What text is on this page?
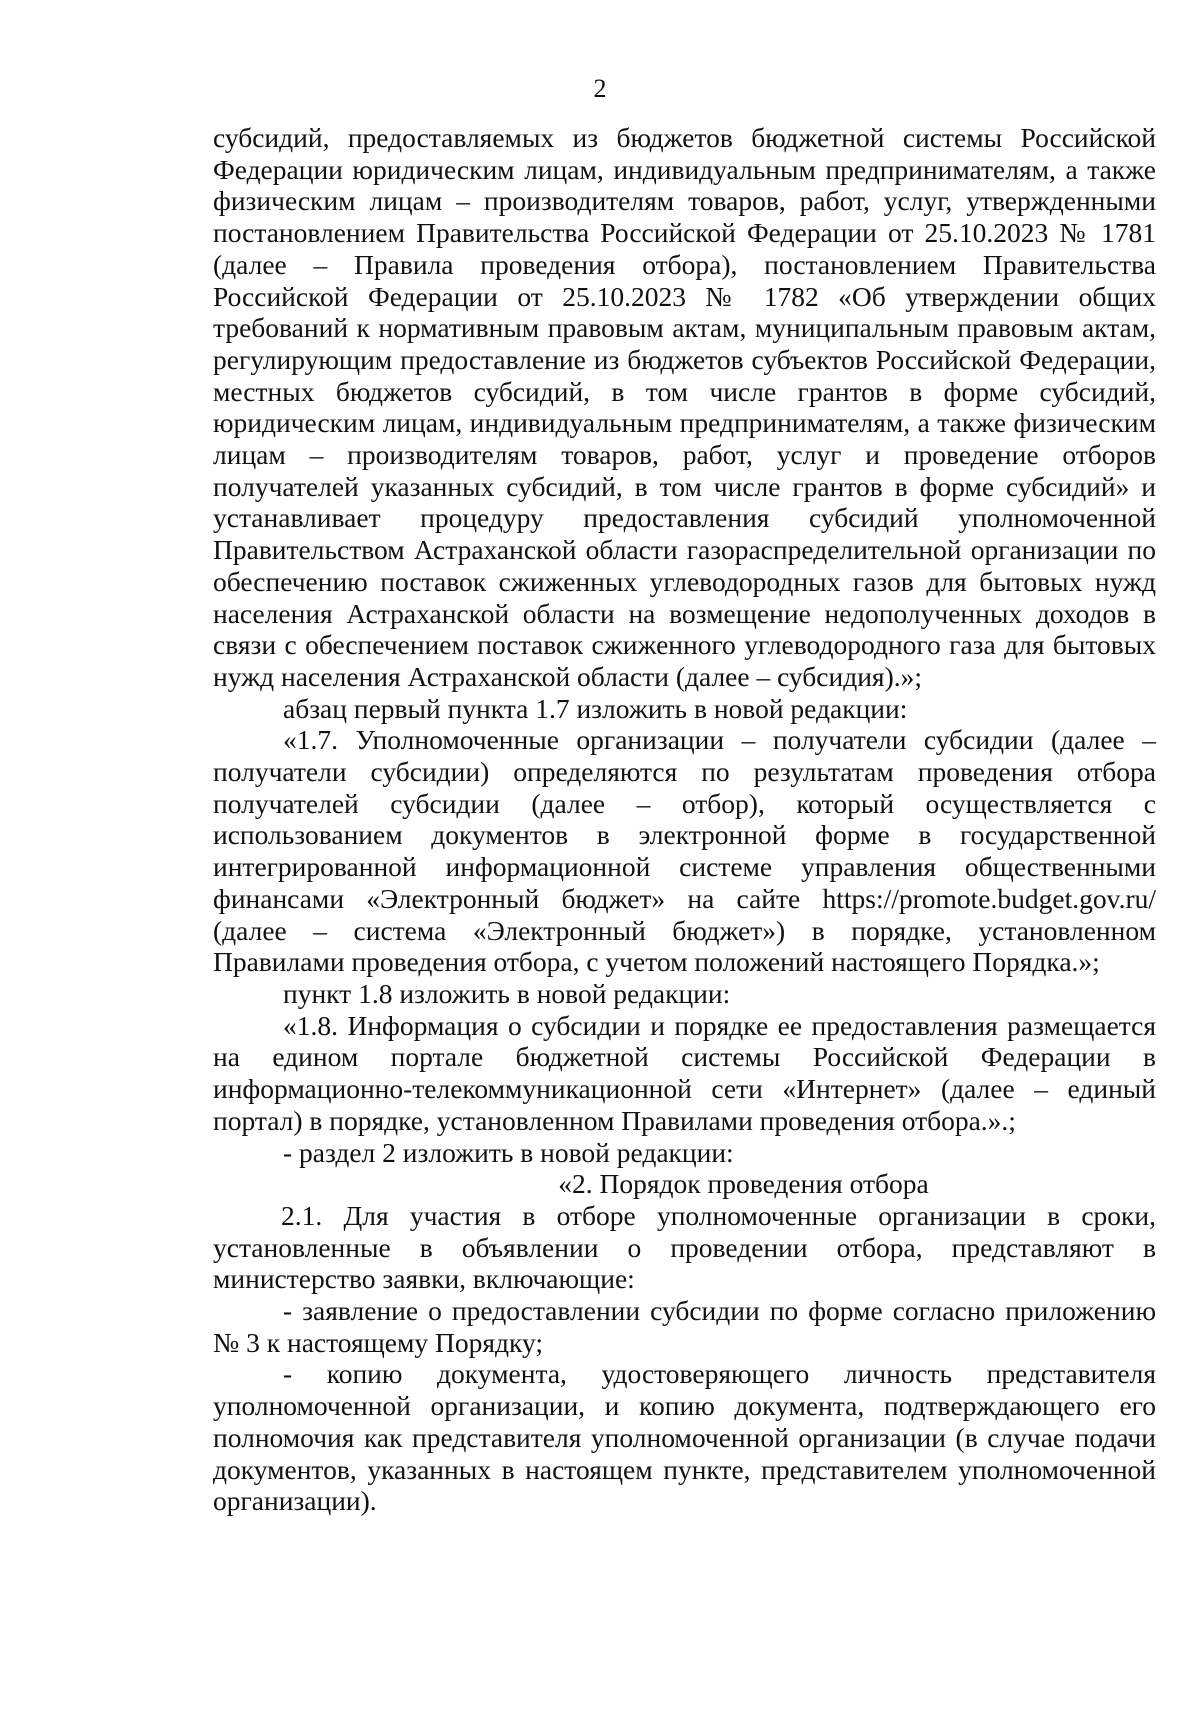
2

субсидий, предоставляемых из бюджетов бюджетной системы Российской Федерации юридическим лицам, индивидуальным предпринимателям, а также физическим лицам – производителям товаров, работ, услуг, утвержденными постановлением Правительства Российской Федерации от 25.10.2023 № 1781 (далее – Правила проведения отбора), постановлением Правительства Российской Федерации от 25.10.2023 № 1782 «Об утверждении общих требований к нормативным правовым актам, муниципальным правовым актам, регулирующим предоставление из бюджетов субъектов Российской Федерации, местных бюджетов субсидий, в том числе грантов в форме субсидий, юридическим лицам, индивидуальным предпринимателям, а также физическим лицам – производителям товаров, работ, услуг и проведение отборов получателей указанных субсидий, в том числе грантов в форме субсидий» и устанавливает процедуру предоставления субсидий уполномоченной Правительством Астраханской области газораспределительной организации по обеспечению поставок сжиженных углеводородных газов для бытовых нужд населения Астраханской области на возмещение недополученных доходов в связи с обеспечением поставок сжиженного углеводородного газа для бытовых нужд населения Астраханской области (далее – субсидия).»;

абзац первый пункта 1.7 изложить в новой редакции:

«1.7. Уполномоченные организации – получатели субсидии (далее – получатели субсидии) определяются по результатам проведения отбора получателей субсидии (далее – отбор), который осуществляется с использованием документов в электронной форме в государственной интегрированной информационной системе управления общественными финансами «Электронный бюджет» на сайте https://promote.budget.gov.ru/ (далее – система «Электронный бюджет») в порядке, установленном Правилами проведения отбора, с учетом положений настоящего Порядка.»;

пункт 1.8 изложить в новой редакции:

«1.8. Информация о субсидии и порядке ее предоставления размещается на едином портале бюджетной системы Российской Федерации в информационно-телекоммуникационной сети «Интернет» (далее – единый портал) в порядке, установленном Правилами проведения отбора.».;

- раздел 2 изложить в новой редакции:

«2. Порядок проведения отбора

2.1. Для участия в отборе уполномоченные организации в сроки, установленные в объявлении о проведении отбора, представляют в министерство заявки, включающие:

- заявление о предоставлении субсидии по форме согласно приложению № 3 к настоящему Порядку;

- копию документа, удостоверяющего личность представителя уполномоченной организации, и копию документа, подтверждающего его полномочия как представителя уполномоченной организации (в случае подачи документов, указанных в настоящем пункте, представителем уполномоченной организации).
